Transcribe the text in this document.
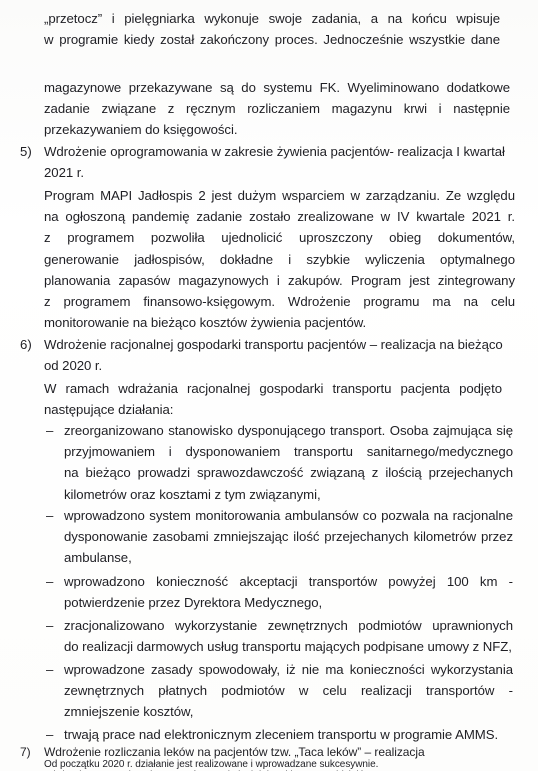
„przetocz” i pielęgniarka wykonuje swoje zadania, a na końcu wpisuje
w programie kiedy został zakończony proces. Jednocześnie wszystkie dane
magazynowe przekazywane są do systemu FK. Wyeliminowano dodatkowe
zadanie związane z ręcznym rozliczaniem magazynu krwi i następnie
przekazywaniem do księgowości.
5) Wdrożenie oprogramowania w zakresie żywienia pacjentów- realizacja I kwartał
2021 r.
Program MAPI Jadłospis 2 jest dużym wsparciem w zarządzaniu. Ze względu
na ogłoszoną pandemię zadanie zostało zrealizowane w IV kwartale 2021 r.
z programem pozwoliła ujednolicić uproszczony obieg dokumentów,
generowanie jadłospisów, dokładne i szybkie wyliczenia optymalnego
planowania zapasów magazynowych i zakupów. Program jest zintegrowany
z programem finansowo-księgowym. Wdrożenie programu ma na celu
monitorowanie na bieżąco kosztów żywienia pacjentów.
6) Wdrożenie racjonalnej gospodarki transportu pacjentów – realizacja na bieżąco
od 2020 r.
W ramach wdrażania racjonalnej gospodarki transportu pacjenta podjęto
następujące działania:
– zreorganizowano stanowisko dysponującego transport. Osoba zajmująca się
przyjmowaniem i dysponowaniem transportu sanitarnego/medycznego
na bieżąco prowadzi sprawozdawczość związaną z ilością przejechanych
kilometrów oraz kosztami z tym związanymi,
– wprowadzono system monitorowania ambulansów co pozwala na racjonalne
dysponowanie zasobami zmniejszając ilość przejechanych kilometrów przez
ambulanse,
– wprowadzono konieczność akceptacji transportów powyżej 100 km -
potwierdzenie przez Dyrektora Medycznego,
– zracjonalizowano wykorzystanie zewnętrznych podmiotów uprawnionych
do realizacji darmowych usług transportu mających podpisane umowy z NFZ,
– wprowadzone zasady spowodowały, iż nie ma konieczności wykorzystania
zewnętrznych płatnych podmiotów w celu realizacji transportów -
zmniejszenie kosztów,
– trwają prace nad elektronicznym zleceniem transportu w programie AMMS.
7) Wdrożenie rozliczania leków na pacjentów tzw. „Taca leków” – realizacja
Od początku 2020 r. działanie jest realizowane i wprowadzane sukcesywnie.
